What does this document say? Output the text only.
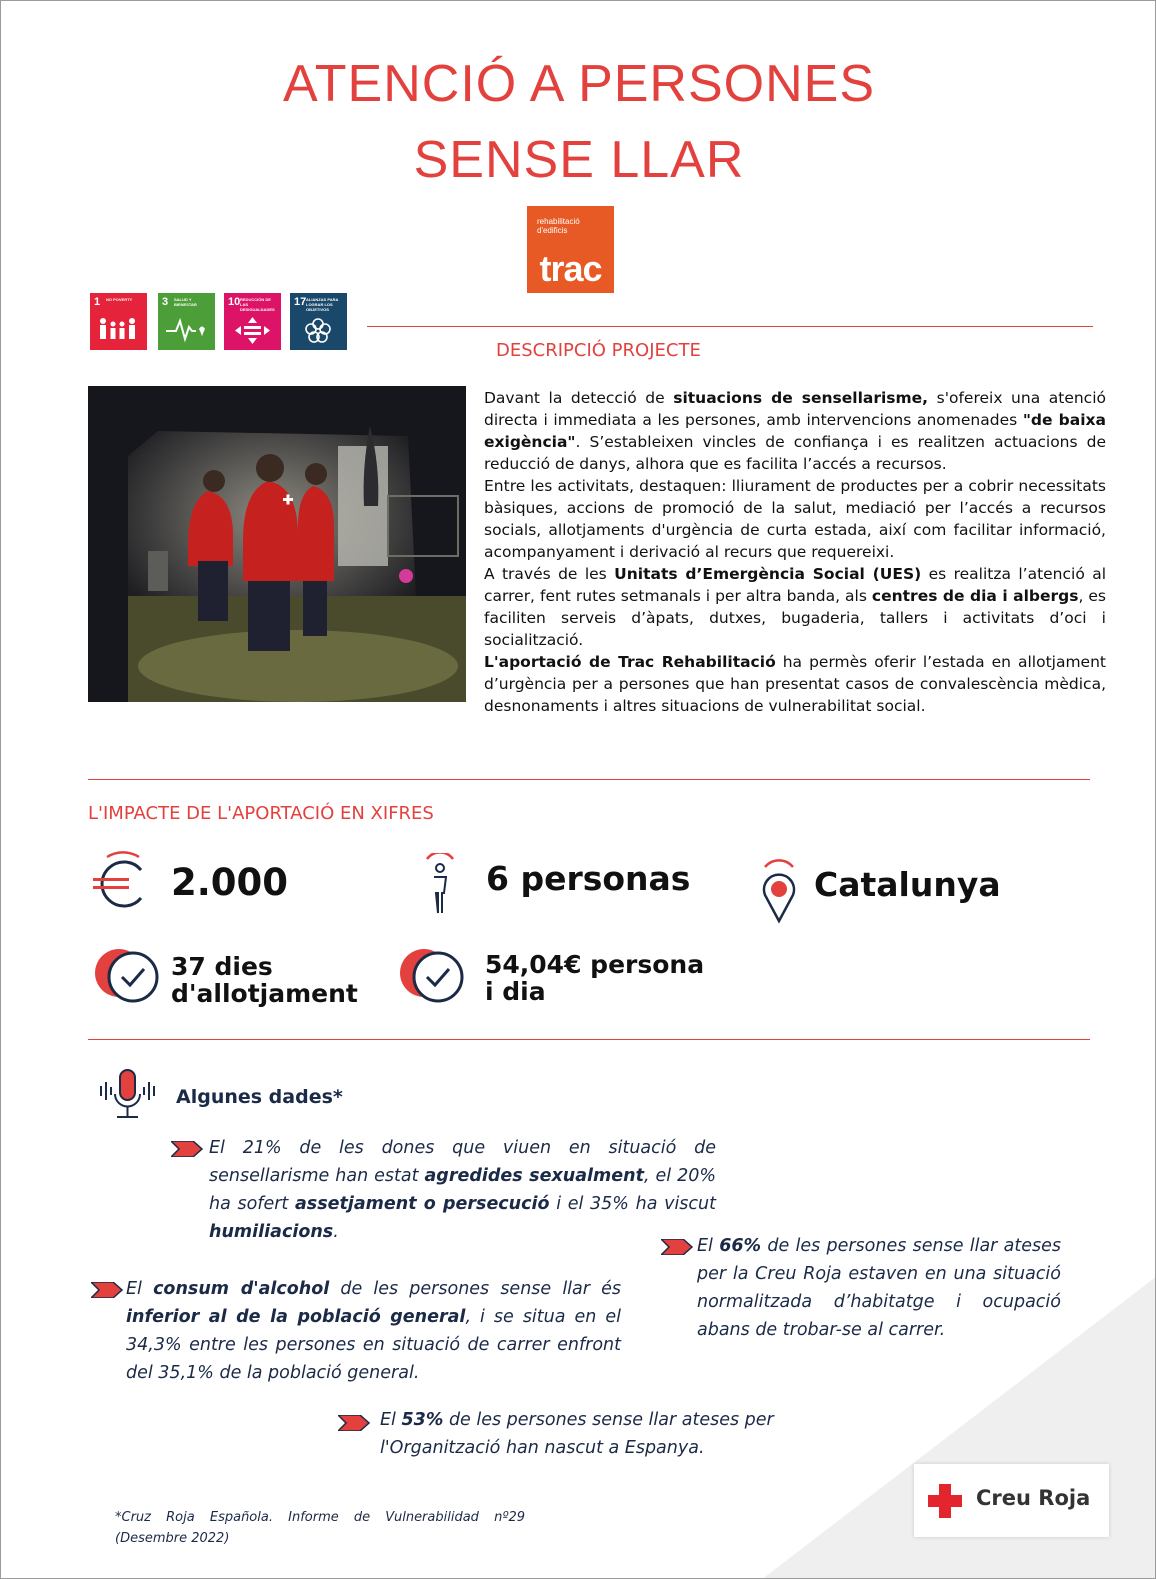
ATENCIÓ A PERSONES
SENSE LLAR
rehabilitació
d'edificis
trac
1 NO POVERTY	3 SALUD Y BIENESTAR	10 REDUCCIÓN DE LAS DESIGUALDADES
17 ALIANZAS PARA LOGRAR LOS OBJETIVOS
DESCRIPCIÓ PROJECTE

Davant la detecció de situacions de sensellarisme, s'ofereix una atenció directa i immediata a les persones, amb intervencions anomenades "de baixa exigència". S’estableixen vincles de confiança i es realitzen actuacions de reducció de danys, alhora que es facilita l’accés a recursos.

Entre les activitats, destaquen: lliurament de productes per a cobrir necessitats bàsiques, accions de promoció de la salut, mediació per l’accés a recursos socials, allotjaments d'urgència de curta estada, així com facilitar informació, acompanyament i derivació al recurs que requereixi.

A través de les Unitats d’Emergència Social (UES) es realitza l’atenció al carrer, fent rutes setmanals i per altra banda, als centres de dia i albergs, es faciliten serveis d’àpats, dutxes, bugaderia, tallers i activitats d’oci i socialització.

L'aportació de Trac Rehabilitació ha permès oferir l’estada en allotjament d’urgència per a persones que han presentat casos de convalescència mèdica, desnonaments i altres situacions de vulnerabilitat social.

L'IMPACTE DE L'APORTACIÓ EN XIFRES
2.000	6 personas	Catalunya
37 dies
d'allotjament
54,04€ persona
i dia
Algunes dades*
El 21% de les dones que viuen en situació de sensellarisme han estat agredides sexualment, el 20% ha sofert assetjament o persecució i el 35% ha viscut humiliacions.
El 66% de les persones sense llar ateses per la Creu Roja estaven en una situació normalitzada d’habitatge i ocupació abans de trobar-se al carrer.
El consum d'alcohol de les persones sense llar és inferior al de la població general, i se situa en el 34,3% entre les persones en situació de carrer enfront del 35,1% de la població general.
El 53% de les persones sense llar ateses per l'Organització han nascut a Espanya.
*Cruz Roja Española. Informe de Vulnerabilidad nº29 (Desembre 2022)
Creu Roja
